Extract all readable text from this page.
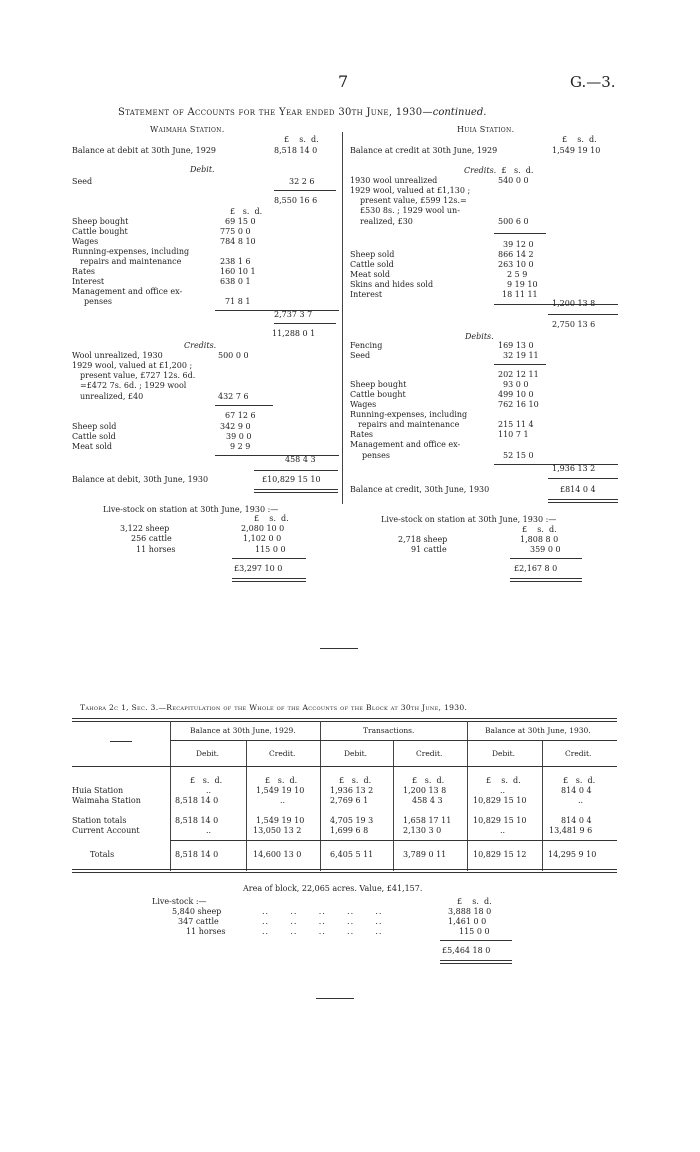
7	G.—3.
Statement of Accounts for the Year ended 30th June, 1930—continued.
Waimaha Station.
£ s. d.
Balance at debit at 30th June, 1929	8,518 14 0
Debit.
Seed	32 2 6
8,550 16 6
£   s.  d.
Sheep bought	69 15 0
Cattle bought	775 0 0
Wages	784 8 10
Running-expenses, including
repairs and maintenance	238 1 6
Rates	160 10 1
Interest	638 0 1
Management and office ex-
penses	71 8 1
2,737 3 7
11,288 0 1
Credits.
Wool unrealized, 1930	500 0 0
1929 wool, valued at £1,200 ;
present value, £727 12s. 6d.
=£472 7s. 6d. ; 1929 wool
unrealized, £40	432 7 6
67 12 6
Sheep sold	342 9 0
Cattle sold	39 0 0
Meat sold	9 2 9
458 4 3
Balance at debit, 30th June, 1930	£10,829 15 10
Live-stock on station at 30th June, 1930 :—
£    s.  d.
3,122 sheep	2,080 10 0
256 cattle	1,102 0 0
11 horses	115 0 0
£3,297 10 0
Huia Station.
£    s.  d.
Balance at credit at 30th June, 1929	1,549 19 10
Credits.  £   s.  d.
1930 wool unrealized	540 0 0
1929 wool, valued at £1,130 ;
present value, £599 12s.=
£530 8s. ; 1929 wool un-
realized, £30	500 6 0
39 12 0
Sheep sold	866 14 2
Cattle sold	263 10 0
Meat sold	2 5 9
Skins and hides sold	9 19 10
Interest	18 11 11
1,200 13 8
2,750 13 6
Debits.
Fencing	169 13 0
Seed	32 19 11
202 12 11
Sheep bought	93 0 0
Cattle bought	499 10 0
Wages	762 16 10
Running-expenses, including
repairs and maintenance	215 11 4
Rates	110 7 1
Management and office ex-
penses	52 15 0
1,936 13 2
Balance at credit, 30th June, 1930	£814 0 4
Live-stock on station at 30th June, 1930 :—
£    s.  d.
2,718 sheep	1,808 8 0
91 cattle	359 0 0
£2,167 8 0
Tahora 2c 1, Sec. 3.—Recapitulation of the Whole of the Accounts of the Block at 30th June, 1930.
Balance at 30th June, 1929.	Transactions.	Balance at 30th June, 1930.
Debit.	Credit.	Debit.	Credit.	Debit.	Credit.
£   s.  d.	£   s.  d.	£   s.  d.	£   s.  d.	£    s.  d.	£   s.  d.
Huia Station	..	1,549 19 10	1,936 13 2	1,200 13 8	..	814 0 4
Waimaha Station	8,518 14 0	..	2,769 6 1	458 4 3	10,829 15 10	..
Station totals	8,518 14 0	1,549 19 10	4,705 19 3	1,658 17 11	10,829 15 10	814 0 4
Current Account	..	13,050 13 2	1,699 6 8	2,130 3 0	..	13,481 9 6
Totals	8,518 14 0	14,600 13 0	6,405 5 11	3,789 0 11	10,829 15 12	14,295 9 10
Area of block, 22,065 acres. Value, £41,157.
Live-stock :—	£    s.  d.
5,840 sheep	..      ..      ..      ..      ..	3,888 18 0
347 cattle	..      ..      ..      ..      ..	1,461 0 0
11 horses	..      ..      ..      ..      ..	115 0 0
£5,464 18 0
